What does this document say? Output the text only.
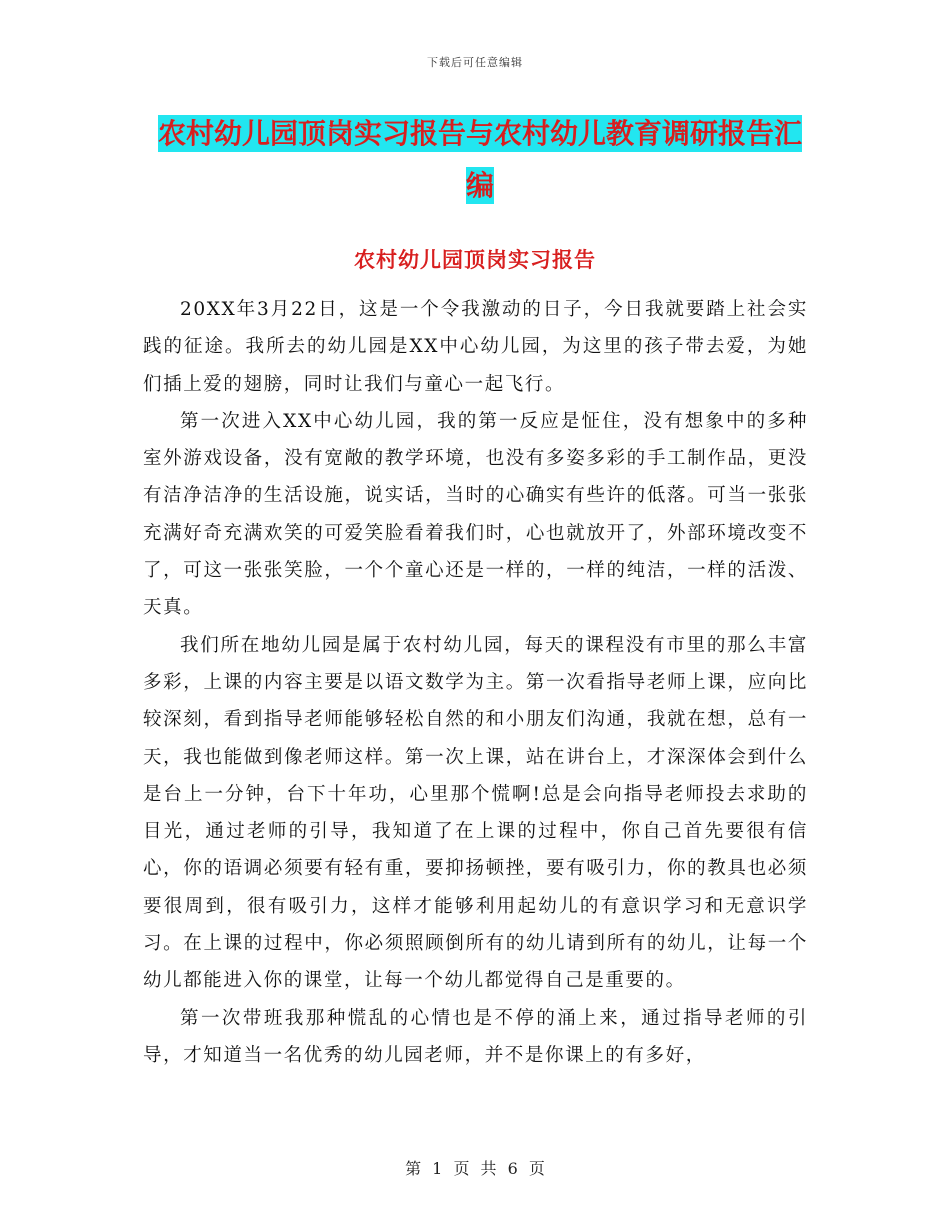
下载后可任意编辑
农村幼儿园顶岗实习报告与农村幼儿教育调研报告汇
编
农村幼儿园顶岗实习报告

20XX年3月22日，这是一个令我激动的日子，今日我就要踏上社会实践的征途。我所去的幼儿园是XX中心幼儿园，为这里的孩子带去爱，为她们插上爱的翅膀，同时让我们与童心一起飞行。

第一次进入XX中心幼儿园，我的第一反应是怔住，没有想象中的多种室外游戏设备，没有宽敞的教学环境，也没有多姿多彩的手工制作品，更没有洁净洁净的生活设施，说实话，当时的心确实有些许的低落。可当一张张充满好奇充满欢笑的可爱笑脸看着我们时，心也就放开了，外部环境改变不了，可这一张张笑脸，一个个童心还是一样的，一样的纯洁，一样的活泼、天真。

我们所在地幼儿园是属于农村幼儿园，每天的课程没有市里的那么丰富多彩，上课的内容主要是以语文数学为主。第一次看指导老师上课，应向比较深刻，看到指导老师能够轻松自然的和小朋友们沟通，我就在想，总有一天，我也能做到像老师这样。第一次上课，站在讲台上，才深深体会到什么是台上一分钟，台下十年功，心里那个慌啊!总是会向指导老师投去求助的目光，通过老师的引导，我知道了在上课的过程中，你自己首先要很有信心，你的语调必须要有轻有重，要抑扬顿挫，要有吸引力，你的教具也必须要很周到，很有吸引力，这样才能够利用起幼儿的有意识学习和无意识学习。在上课的过程中，你必须照顾倒所有的幼儿请到所有的幼儿，让每一个幼儿都能进入你的课堂，让每一个幼儿都觉得自己是重要的。

第一次带班我那种慌乱的心情也是不停的涌上来，通过指导老师的引导，才知道当一名优秀的幼儿园老师，并不是你课上的有多好，

第 1 页 共 6 页
